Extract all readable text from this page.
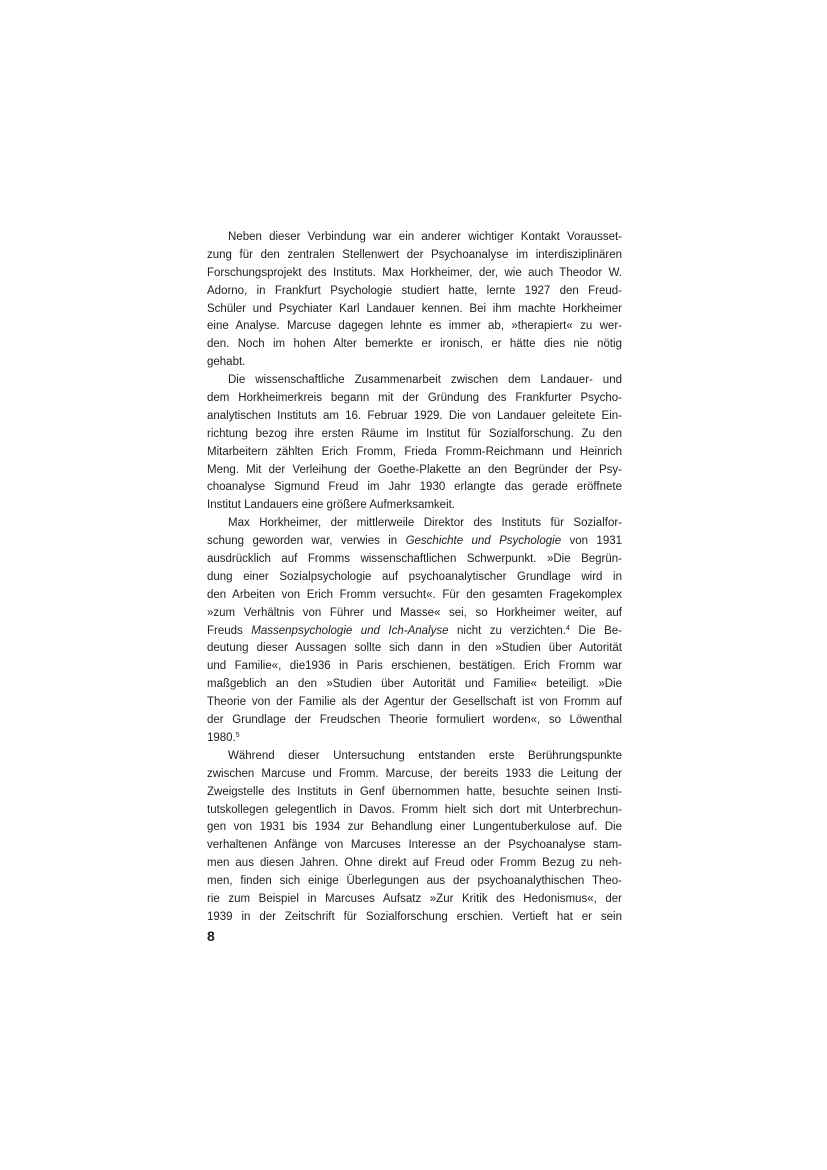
Neben dieser Verbindung war ein anderer wichtiger Kontakt Vorausset-
zung für den zentralen Stellenwert der Psychoanalyse im interdisziplinären
Forschungsprojekt des Instituts. Max Horkheimer, der, wie auch Theodor W.
Adorno, in Frankfurt Psychologie studiert hatte, lernte 1927 den Freud-
Schüler und Psychiater Karl Landauer kennen. Bei ihm machte Horkheimer
eine Analyse. Marcuse dagegen lehnte es immer ab, »therapiert« zu wer-
den. Noch im hohen Alter bemerkte er ironisch, er hätte dies nie nötig
gehabt.
Die wissenschaftliche Zusammenarbeit zwischen dem Landauer- und
dem Horkheimerkreis begann mit der Gründung des Frankfurter Psycho-
analytischen Instituts am 16. Februar 1929. Die von Landauer geleitete Ein-
richtung bezog ihre ersten Räume im Institut für Sozialforschung. Zu den
Mitarbeitern zählten Erich Fromm, Frieda Fromm-Reichmann und Heinrich
Meng. Mit der Verleihung der Goethe-Plakette an den Begründer der Psy-
choanalyse Sigmund Freud im Jahr 1930 erlangte das gerade eröffnete
Institut Landauers eine größere Aufmerksamkeit.
Max Horkheimer, der mittlerweile Direktor des Instituts für Sozialfor-
schung geworden war, verwies in Geschichte und Psychologie von 1931
ausdrücklich auf Fromms wissenschaftlichen Schwerpunkt. »Die Begrün-
dung einer Sozialpsychologie auf psychoanalytischer Grundlage wird in
den Arbeiten von Erich Fromm versucht«. Für den gesamten Fragekomplex
»zum Verhältnis von Führer und Masse« sei, so Horkheimer weiter, auf
Freuds Massenpsychologie und Ich-Analyse nicht zu verzichten.$^4$ Die Be-
deutung dieser Aussagen sollte sich dann in den »Studien über Autorität
und Familie«, die1936 in Paris erschienen, bestätigen. Erich Fromm war
maßgeblich an den »Studien über Autorität und Familie« beteiligt. »Die
Theorie von der Familie als der Agentur der Gesellschaft ist von Fromm auf
der Grundlage der Freudschen Theorie formuliert worden«, so Löwenthal
1980.$^5$
Während dieser Untersuchung entstanden erste Berührungspunkte
zwischen Marcuse und Fromm. Marcuse, der bereits 1933 die Leitung der
Zweigstelle des Instituts in Genf übernommen hatte, besuchte seinen Insti-
tutskollegen gelegentlich in Davos. Fromm hielt sich dort mit Unterbrechun-
gen von 1931 bis 1934 zur Behandlung einer Lungentuberkulose auf. Die
verhaltenen Anfänge von Marcuses Interesse an der Psychoanalyse stam-
men aus diesen Jahren. Ohne direkt auf Freud oder Fromm Bezug zu neh-
men, finden sich einige Überlegungen aus der psychoanalythischen Theo-
rie zum Beispiel in Marcuses Aufsatz »Zur Kritik des Hedonismus«, der
1939 in der Zeitschrift für Sozialforschung erschien. Vertieft hat er sein
8
